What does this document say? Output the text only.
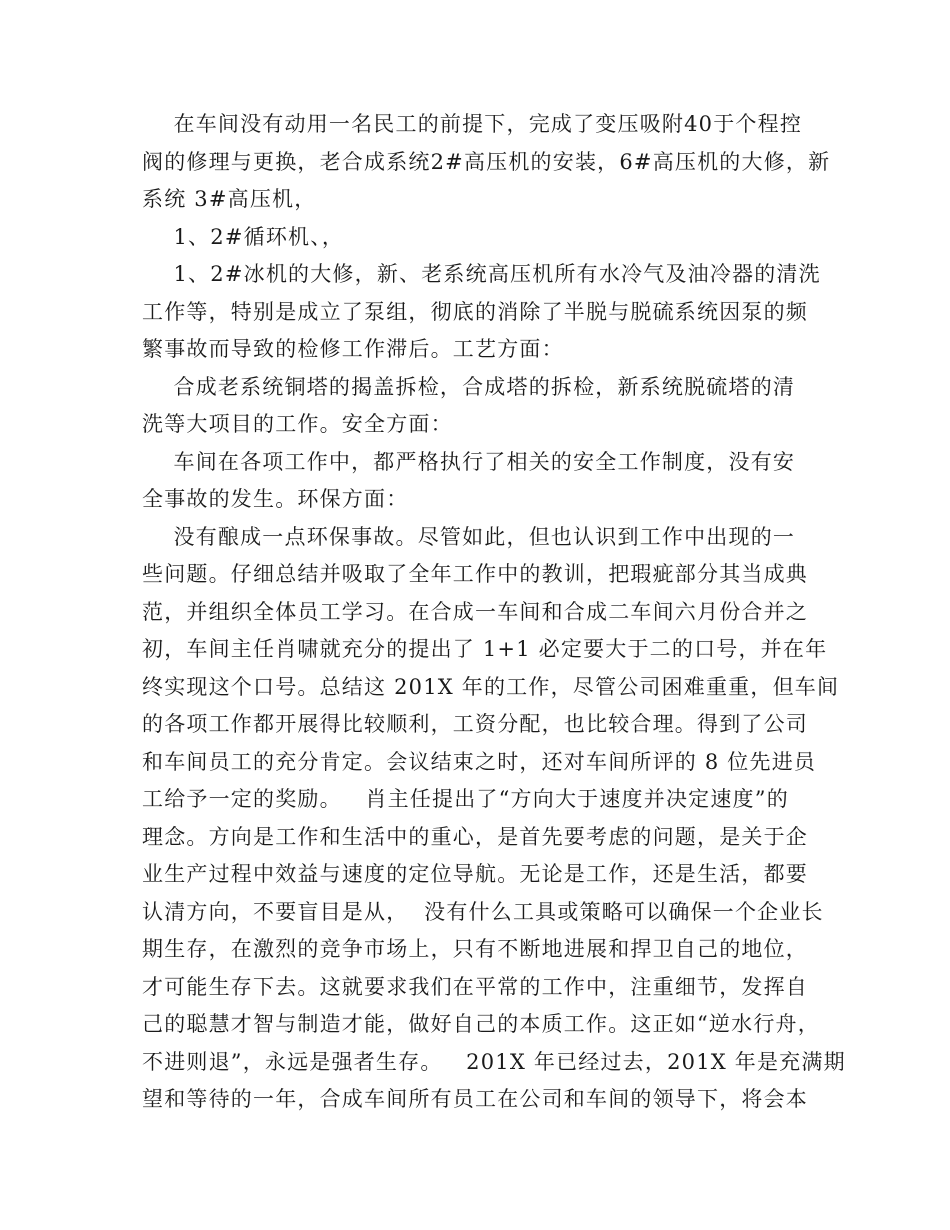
在车间没有动用一名民工的前提下，完成了变压吸附40于个程控
阀的修理与更换，老合成系统2#高压机的安装，6#高压机的大修，新
系统 3#高压机，
1、2#循环机、，
1、2#冰机的大修，新、老系统高压机所有水冷气及油冷器的清洗
工作等，特别是成立了泵组，彻底的消除了半脱与脱硫系统因泵的频
繁事故而导致的检修工作滞后。工艺方面：
合成老系统铜塔的揭盖拆检，合成塔的拆检，新系统脱硫塔的清
洗等大项目的工作。安全方面：
车间在各项工作中，都严格执行了相关的安全工作制度，没有安
全事故的发生。环保方面：
没有酿成一点环保事故。尽管如此，但也认识到工作中出现的一
些问题。仔细总结并吸取了全年工作中的教训，把瑕疵部分其当成典
范，并组织全体员工学习。在合成一车间和合成二车间六月份合并之
初，车间主任肖啸就充分的提出了 1+1 必定要大于二的口号，并在年
终实现这个口号。总结这 201X 年的工作，尽管公司困难重重，但车间
的各项工作都开展得比较顺利，工资分配，也比较合理。得到了公司
和车间员工的充分肯定。会议结束之时，还对车间所评的 8 位先进员
工给予一定的奖励。   肖主任提出了“方向大于速度并决定速度”的
理念。方向是工作和生活中的重心，是首先要考虑的问题，是关于企
业生产过程中效益与速度的定位导航。无论是工作，还是生活，都要
认清方向，不要盲目是从，  没有什么工具或策略可以确保一个企业长
期生存，在激烈的竞争市场上，只有不断地进展和捍卫自己的地位，
才可能生存下去。这就要求我们在平常的工作中，注重细节，发挥自
己的聪慧才智与制造才能，做好自己的本质工作。这正如“逆水行舟，
不进则退”，永远是强者生存。   201X 年已经过去，201X 年是充满期
望和等待的一年，合成车间所有员工在公司和车间的领导下，将会本
